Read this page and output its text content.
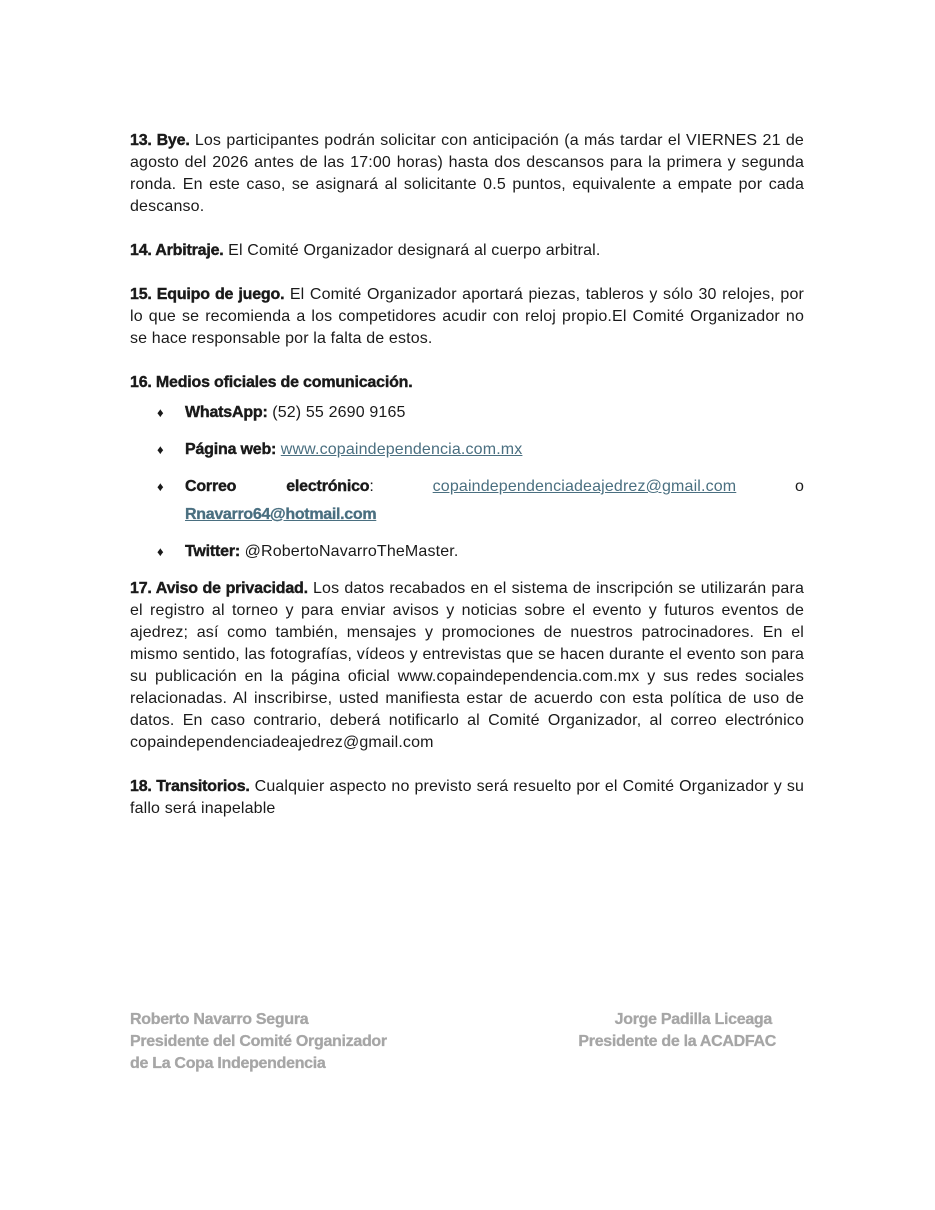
13. Bye. Los participantes podrán solicitar con anticipación (a más tardar el VIERNES 21 de agosto del 2026 antes de las 17:00 horas) hasta dos descansos para la primera y segunda ronda. En este caso, se asignará al solicitante 0.5 puntos, equivalente a empate por cada descanso.

14. Arbitraje. El Comité Organizador designará al cuerpo arbitral.

15. Equipo de juego. El Comité Organizador aportará piezas, tableros y sólo 30 relojes, por lo que se recomienda a los competidores acudir con reloj propio.El Comité Organizador no se hace responsable por la falta de estos.

16. Medios oficiales de comunicación.
♦ WhatsApp: (52) 55 2690 9165
♦ Página web: www.copaindependencia.com.mx
♦ Correo	electrónico:	copaindependenciadeajedrez@gmail.com	o
Rnavarro64@hotmail.com
♦ Twitter: @RobertoNavarroTheMaster.

17. Aviso de privacidad. Los datos recabados en el sistema de inscripción se utilizarán para el registro al torneo y para enviar avisos y noticias sobre el evento y futuros eventos de ajedrez; así como también, mensajes y promociones de nuestros patrocinadores. En el mismo sentido, las fotografías, vídeos y entrevistas que se hacen durante el evento son para su publicación en la página oficial www.copaindependencia.com.mx y sus redes sociales relacionadas. Al inscribirse, usted manifiesta estar de acuerdo con esta política de uso de datos. En caso contrario, deberá notificarlo al Comité Organizador, al correo electrónico copaindependenciadeajedrez@gmail.com

18. Transitorios. Cualquier aspecto no previsto será resuelto por el Comité Organizador y su fallo será inapelable

Roberto Navarro Segura
Presidente del Comité Organizador
de La Copa Independencia
Jorge Padilla Liceaga
Presidente de la ACADFAC
